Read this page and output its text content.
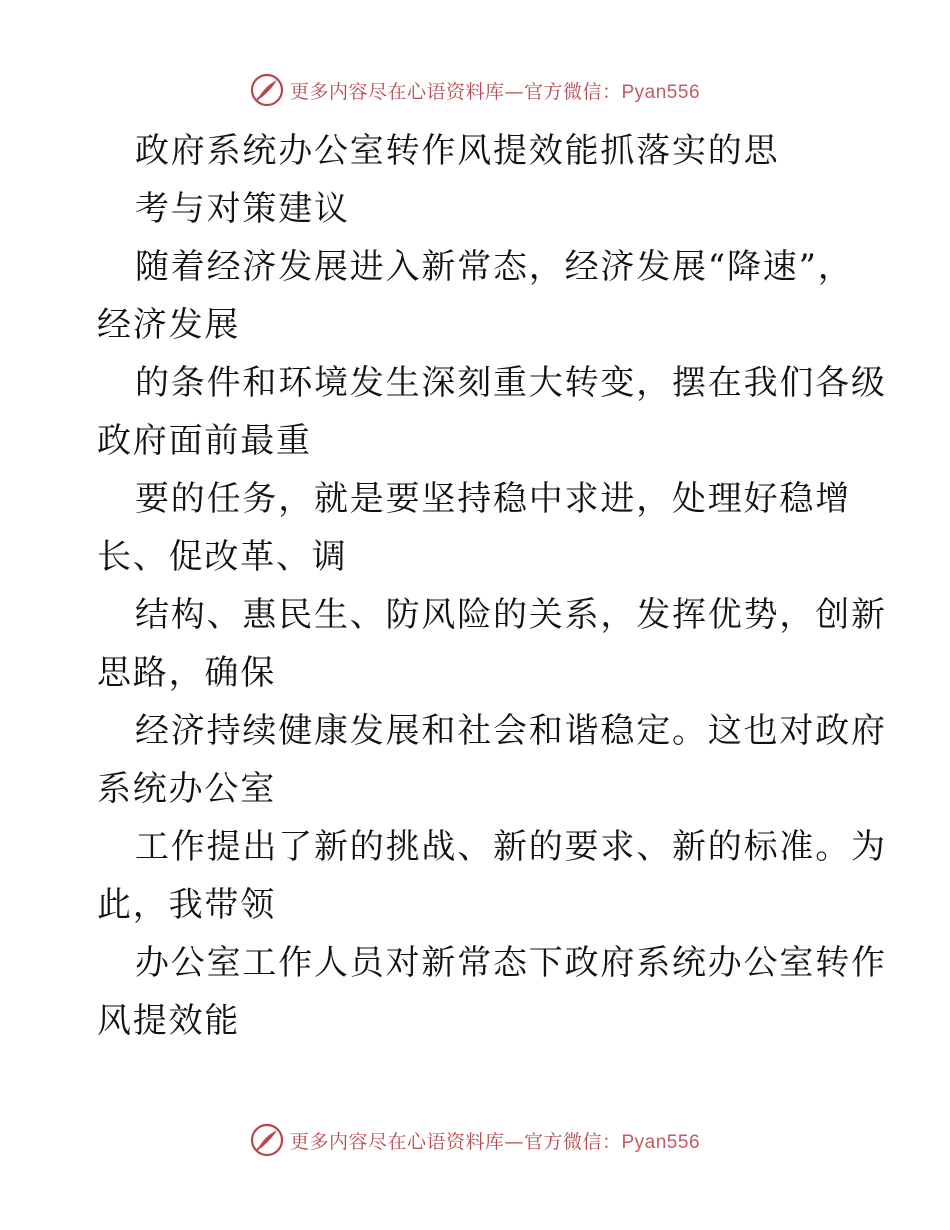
更多内容尽在心语资料库—官方微信：Pyan556
政府系统办公室转作风提效能抓落实的思
考与对策建议
随着经济发展进入新常态，经济发展“降速”，
经济发展
的条件和环境发生深刻重大转变，摆在我们各级
政府面前最重
要的任务，就是要坚持稳中求进，处理好稳增
长、促改革、调
结构、惠民生、防风险的关系，发挥优势，创新
思路，确保
经济持续健康发展和社会和谐稳定。这也对政府
系统办公室
工作提出了新的挑战、新的要求、新的标准。为
此，我带领
办公室工作人员对新常态下政府系统办公室转作
风提效能
更多内容尽在心语资料库—官方微信：Pyan556
